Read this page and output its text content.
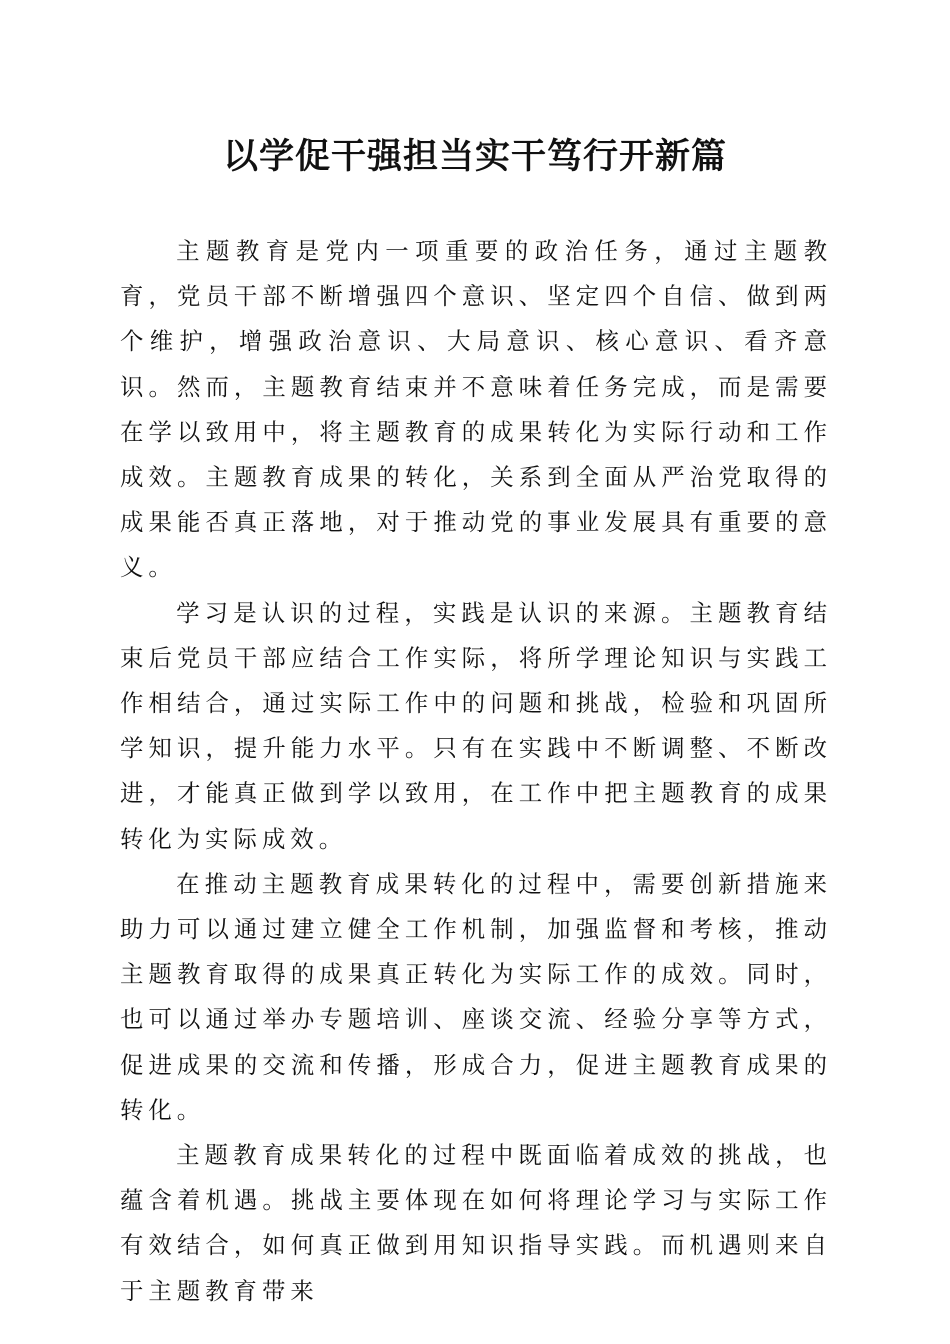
以学促干强担当实干笃行开新篇

主题教育是党内一项重要的政治任务，通过主题教育，党员干部不断增强四个意识、坚定四个自信、做到两个维护，增强政治意识、大局意识、核心意识、看齐意识。然而，主题教育结束并不意味着任务完成，而是需要在学以致用中，将主题教育的成果转化为实际行动和工作成效。主题教育成果的转化，关系到全面从严治党取得的成果能否真正落地，对于推动党的事业发展具有重要的意义。

学习是认识的过程，实践是认识的来源。主题教育结束后党员干部应结合工作实际，将所学理论知识与实践工作相结合，通过实际工作中的问题和挑战，检验和巩固所学知识，提升能力水平。只有在实践中不断调整、不断改进，才能真正做到学以致用，在工作中把主题教育的成果转化为实际成效。

在推动主题教育成果转化的过程中，需要创新措施来助力可以通过建立健全工作机制，加强监督和考核，推动主题教育取得的成果真正转化为实际工作的成效。同时，也可以通过举办专题培训、座谈交流、经验分享等方式，促进成果的交流和传播，形成合力，促进主题教育成果的转化。

主题教育成果转化的过程中既面临着成效的挑战，也蕴含着机遇。挑战主要体现在如何将理论学习与实际工作有效结合，如何真正做到用知识指导实践。而机遇则来自于主题教育带来
